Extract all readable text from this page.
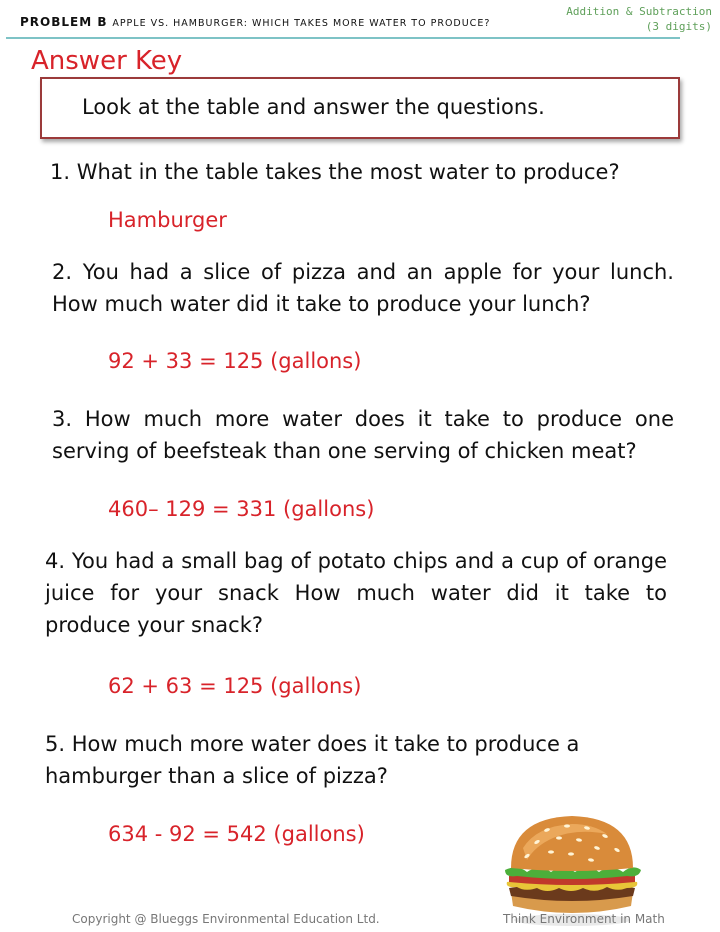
PROBLEM B APPLE VS. HAMBURGER: WHICH TAKES MORE WATER TO PRODUCE?
Addition & Subtraction
(3 digits)
Answer Key
Look at the table and answer the questions.
1. What in the table takes the most water to produce?
Hamburger
2. You had a slice of pizza and an apple for your lunch. How much water did it take to produce your lunch?
92 + 33 = 125 (gallons)
3. How much more water does it take to produce one serving of beefsteak than one serving of chicken meat?
460– 129 = 331 (gallons)
4. You had a small bag of potato chips and a cup of orange juice for your snack How much water did it take to produce your snack?
62 + 63 = 125 (gallons)
5. How much more water does it take to produce a hamburger than a slice of pizza?
634 - 92 = 542 (gallons)
Copyright @ Blueggs Environmental Education Ltd.	Think Environment in Math
